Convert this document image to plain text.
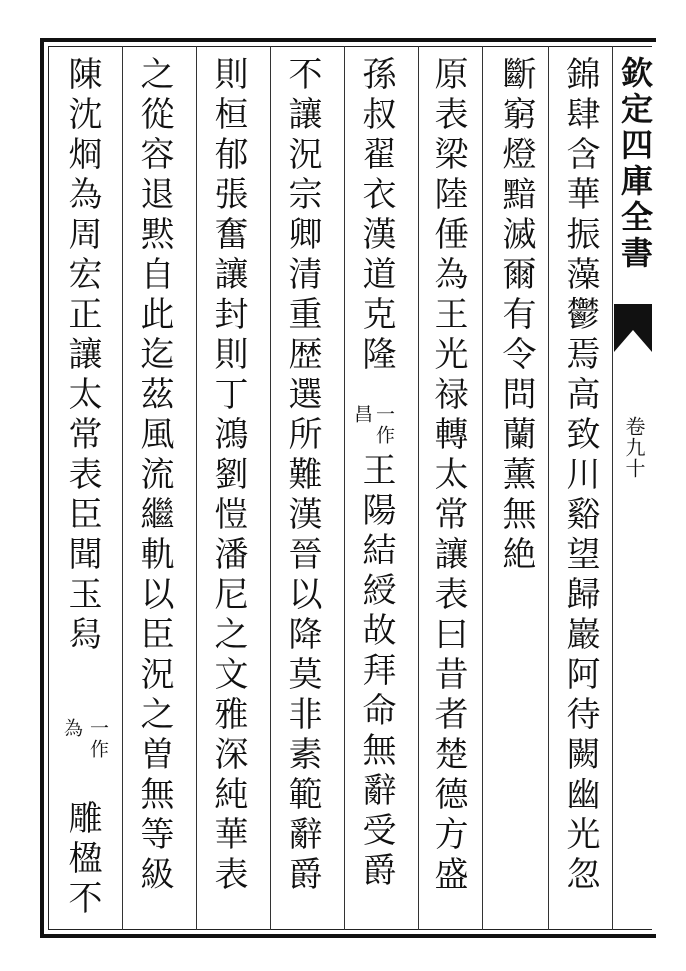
欽定四庫全書
卷九十
錦肆含華振藻鬱焉高致川谿望歸巖阿待闕幽光忽
斷窮燈黯滅爾有令問蘭薰無絶
原表梁陸倕為王光禄轉太常讓表曰昔者楚德方盛
孫叔翟衣漢道克隆
一作
昌
王陽結綬故拜命無辭受爵
不讓況宗卿清重歴選所難漢晉以降莫非素範辭爵
則桓郁張奮讓封則丁鴻劉愷潘尼之文雅深純華表
之從容退黙自此迄茲風流繼軌以臣況之曽無等級
陳沈烱為周宏正讓太常表臣聞玉舄
一作
為
雕楹不
